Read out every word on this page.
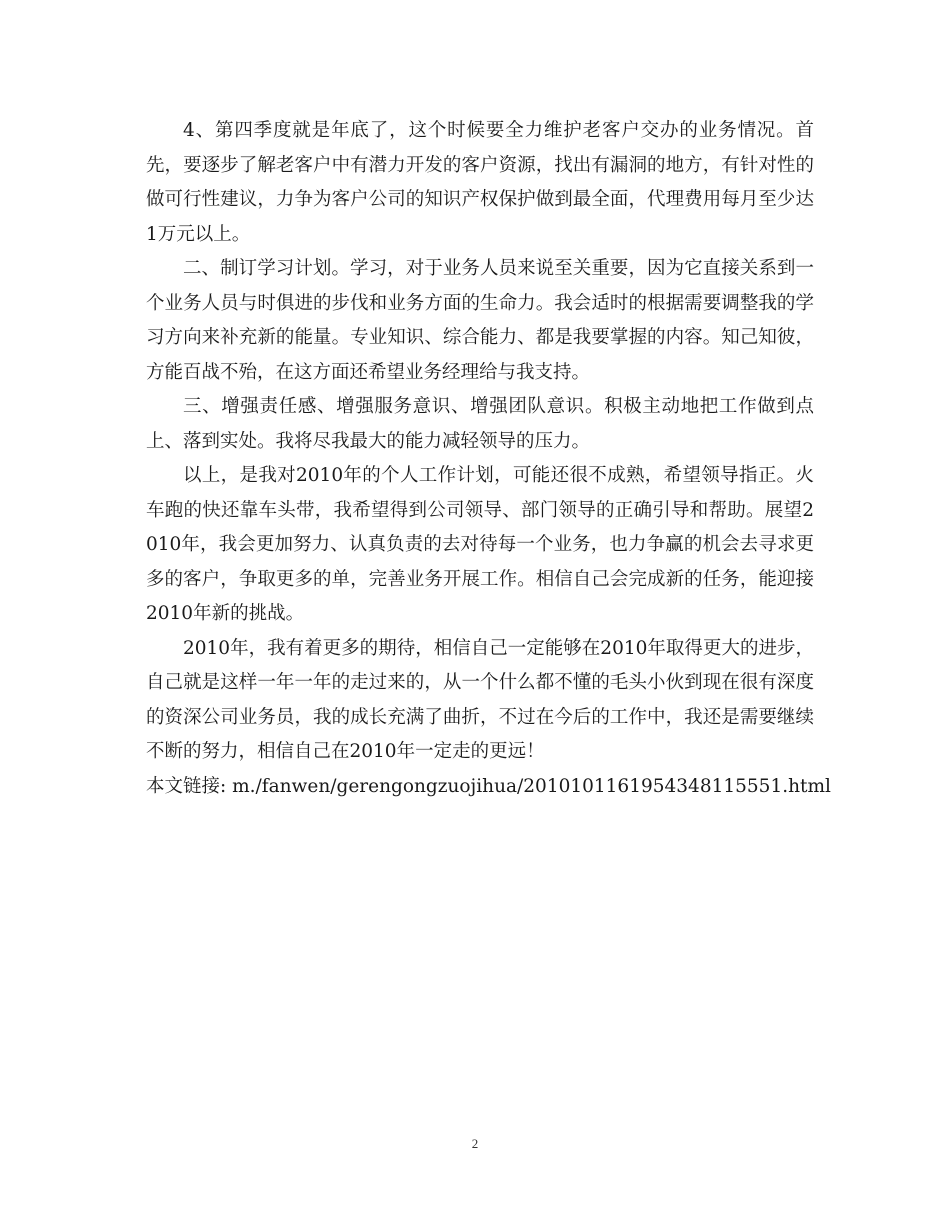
4、第四季度就是年底了，这个时候要全力维护老客户交办的业务情况。首先，要逐步了解老客户中有潜力开发的客户资源，找出有漏洞的地方，有针对性的做可行性建议，力争为客户公司的知识产权保护做到最全面，代理费用每月至少达1万元以上。

二、制订学习计划。学习，对于业务人员来说至关重要，因为它直接关系到一个业务人员与时俱进的步伐和业务方面的生命力。我会适时的根据需要调整我的学习方向来补充新的能量。专业知识、综合能力、都是我要掌握的内容。知己知彼，方能百战不殆，在这方面还希望业务经理给与我支持。

三、增强责任感、增强服务意识、增强团队意识。积极主动地把工作做到点上、落到实处。我将尽我最大的能力减轻领导的压力。

以上，是我对2010年的个人工作计划，可能还很不成熟，希望领导指正。火车跑的快还靠车头带，我希望得到公司领导、部门领导的正确引导和帮助。展望2010年，我会更加努力、认真负责的去对待每一个业务，也力争赢的机会去寻求更多的客户，争取更多的单，完善业务开展工作。相信自己会完成新的任务，能迎接2010年新的挑战。

2010年，我有着更多的期待，相信自己一定能够在2010年取得更大的进步，自己就是这样一年一年的走过来的，从一个什么都不懂的毛头小伙到现在很有深度的资深公司业务员，我的成长充满了曲折，不过在今后的工作中，我还是需要继续不断的努力，相信自己在2010年一定走的更远！

本文链接: m./fanwen/gerengongzuojihua/2010101161954348115551.html

2
